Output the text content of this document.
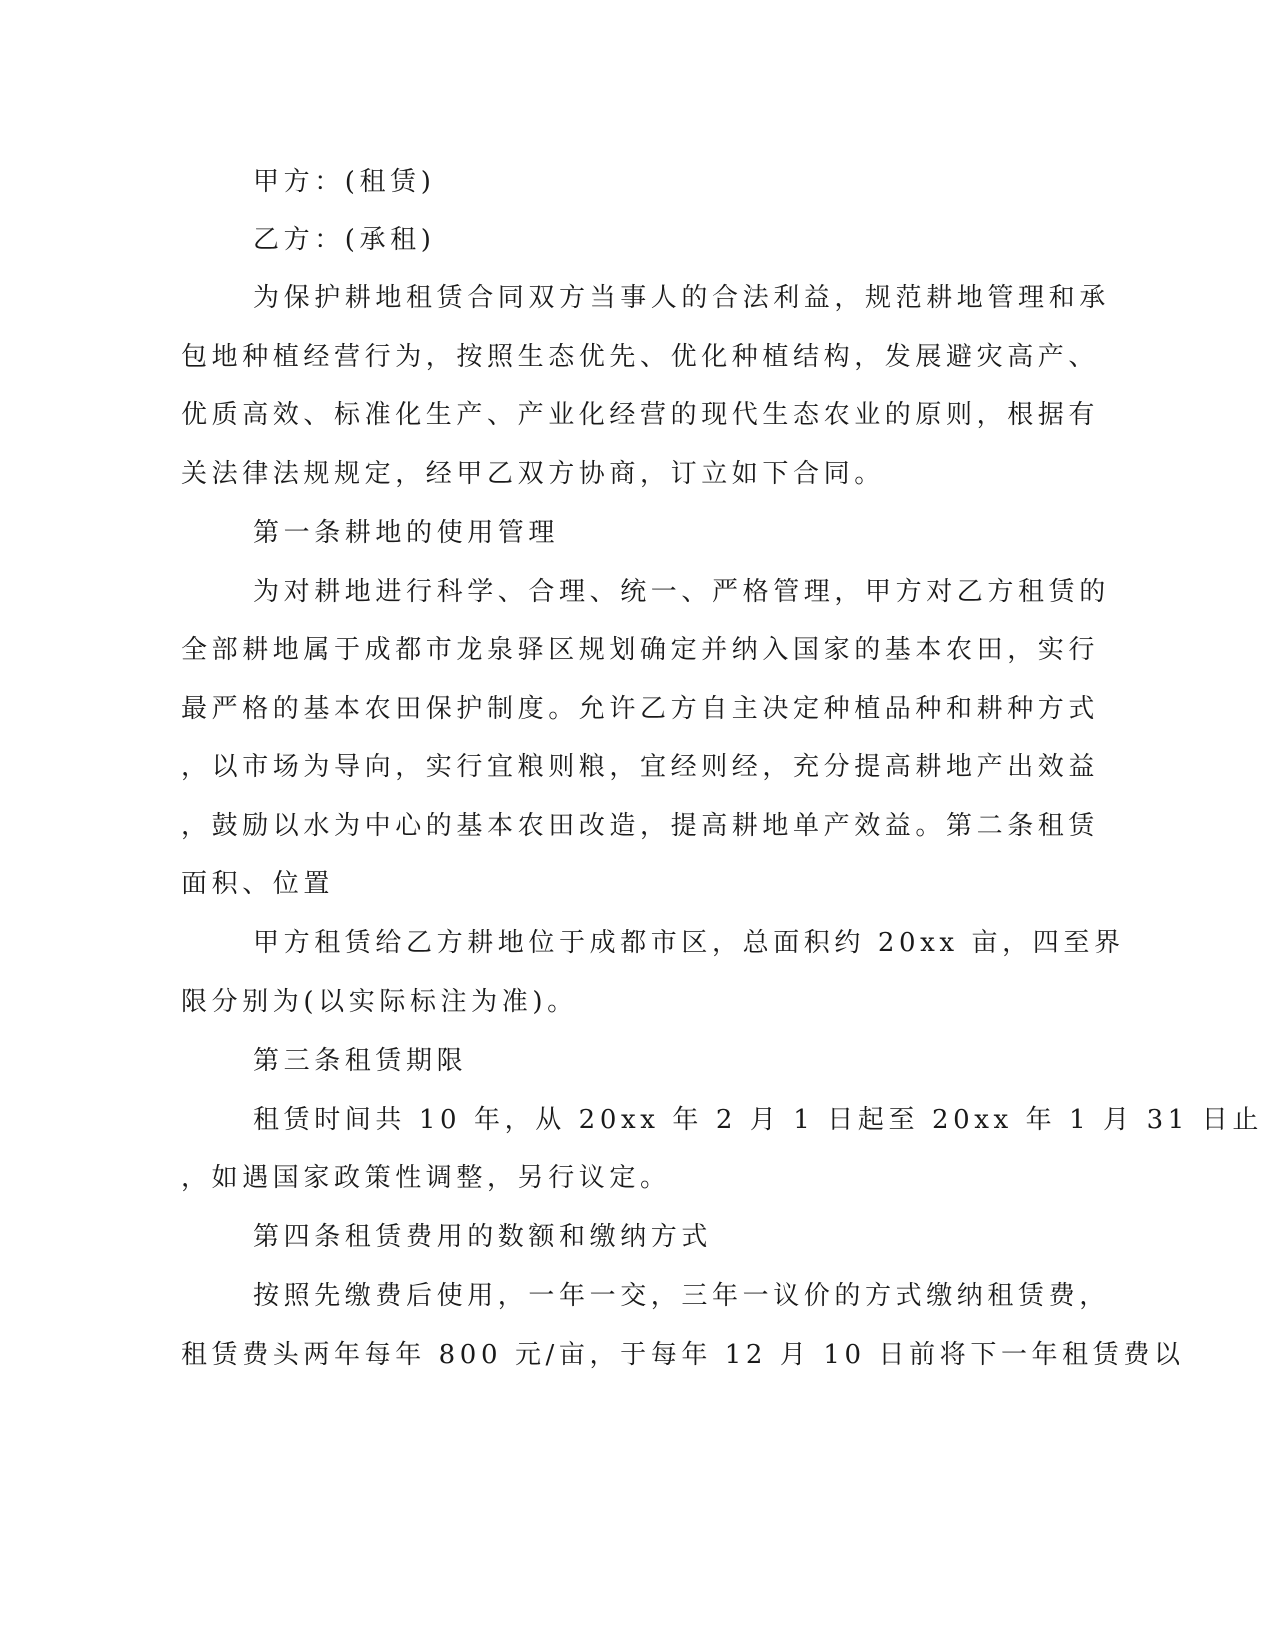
甲方：(租赁)
乙方：(承租)
为保护耕地租赁合同双方当事人的合法利益，规范耕地管理和承
包地种植经营行为，按照生态优先、优化种植结构，发展避灾高产、
优质高效、标准化生产、产业化经营的现代生态农业的原则，根据有
关法律法规规定，经甲乙双方协商，订立如下合同。
第一条耕地的使用管理
为对耕地进行科学、合理、统一、严格管理，甲方对乙方租赁的
全部耕地属于成都市龙泉驿区规划确定并纳入国家的基本农田，实行
最严格的基本农田保护制度。允许乙方自主决定种植品种和耕种方式
，以市场为导向，实行宜粮则粮，宜经则经，充分提高耕地产出效益
，鼓励以水为中心的基本农田改造，提高耕地单产效益。第二条租赁
面积、位置
甲方租赁给乙方耕地位于成都市区，总面积约 20xx 亩，四至界
限分别为(以实际标注为准)。
第三条租赁期限
租赁时间共 10 年，从 20xx 年 2 月 1 日起至 20xx 年 1 月 31 日止
，如遇国家政策性调整，另行议定。
第四条租赁费用的数额和缴纳方式
按照先缴费后使用，一年一交，三年一议价的方式缴纳租赁费，
租赁费头两年每年 800 元/亩，于每年 12 月 10 日前将下一年租赁费以
